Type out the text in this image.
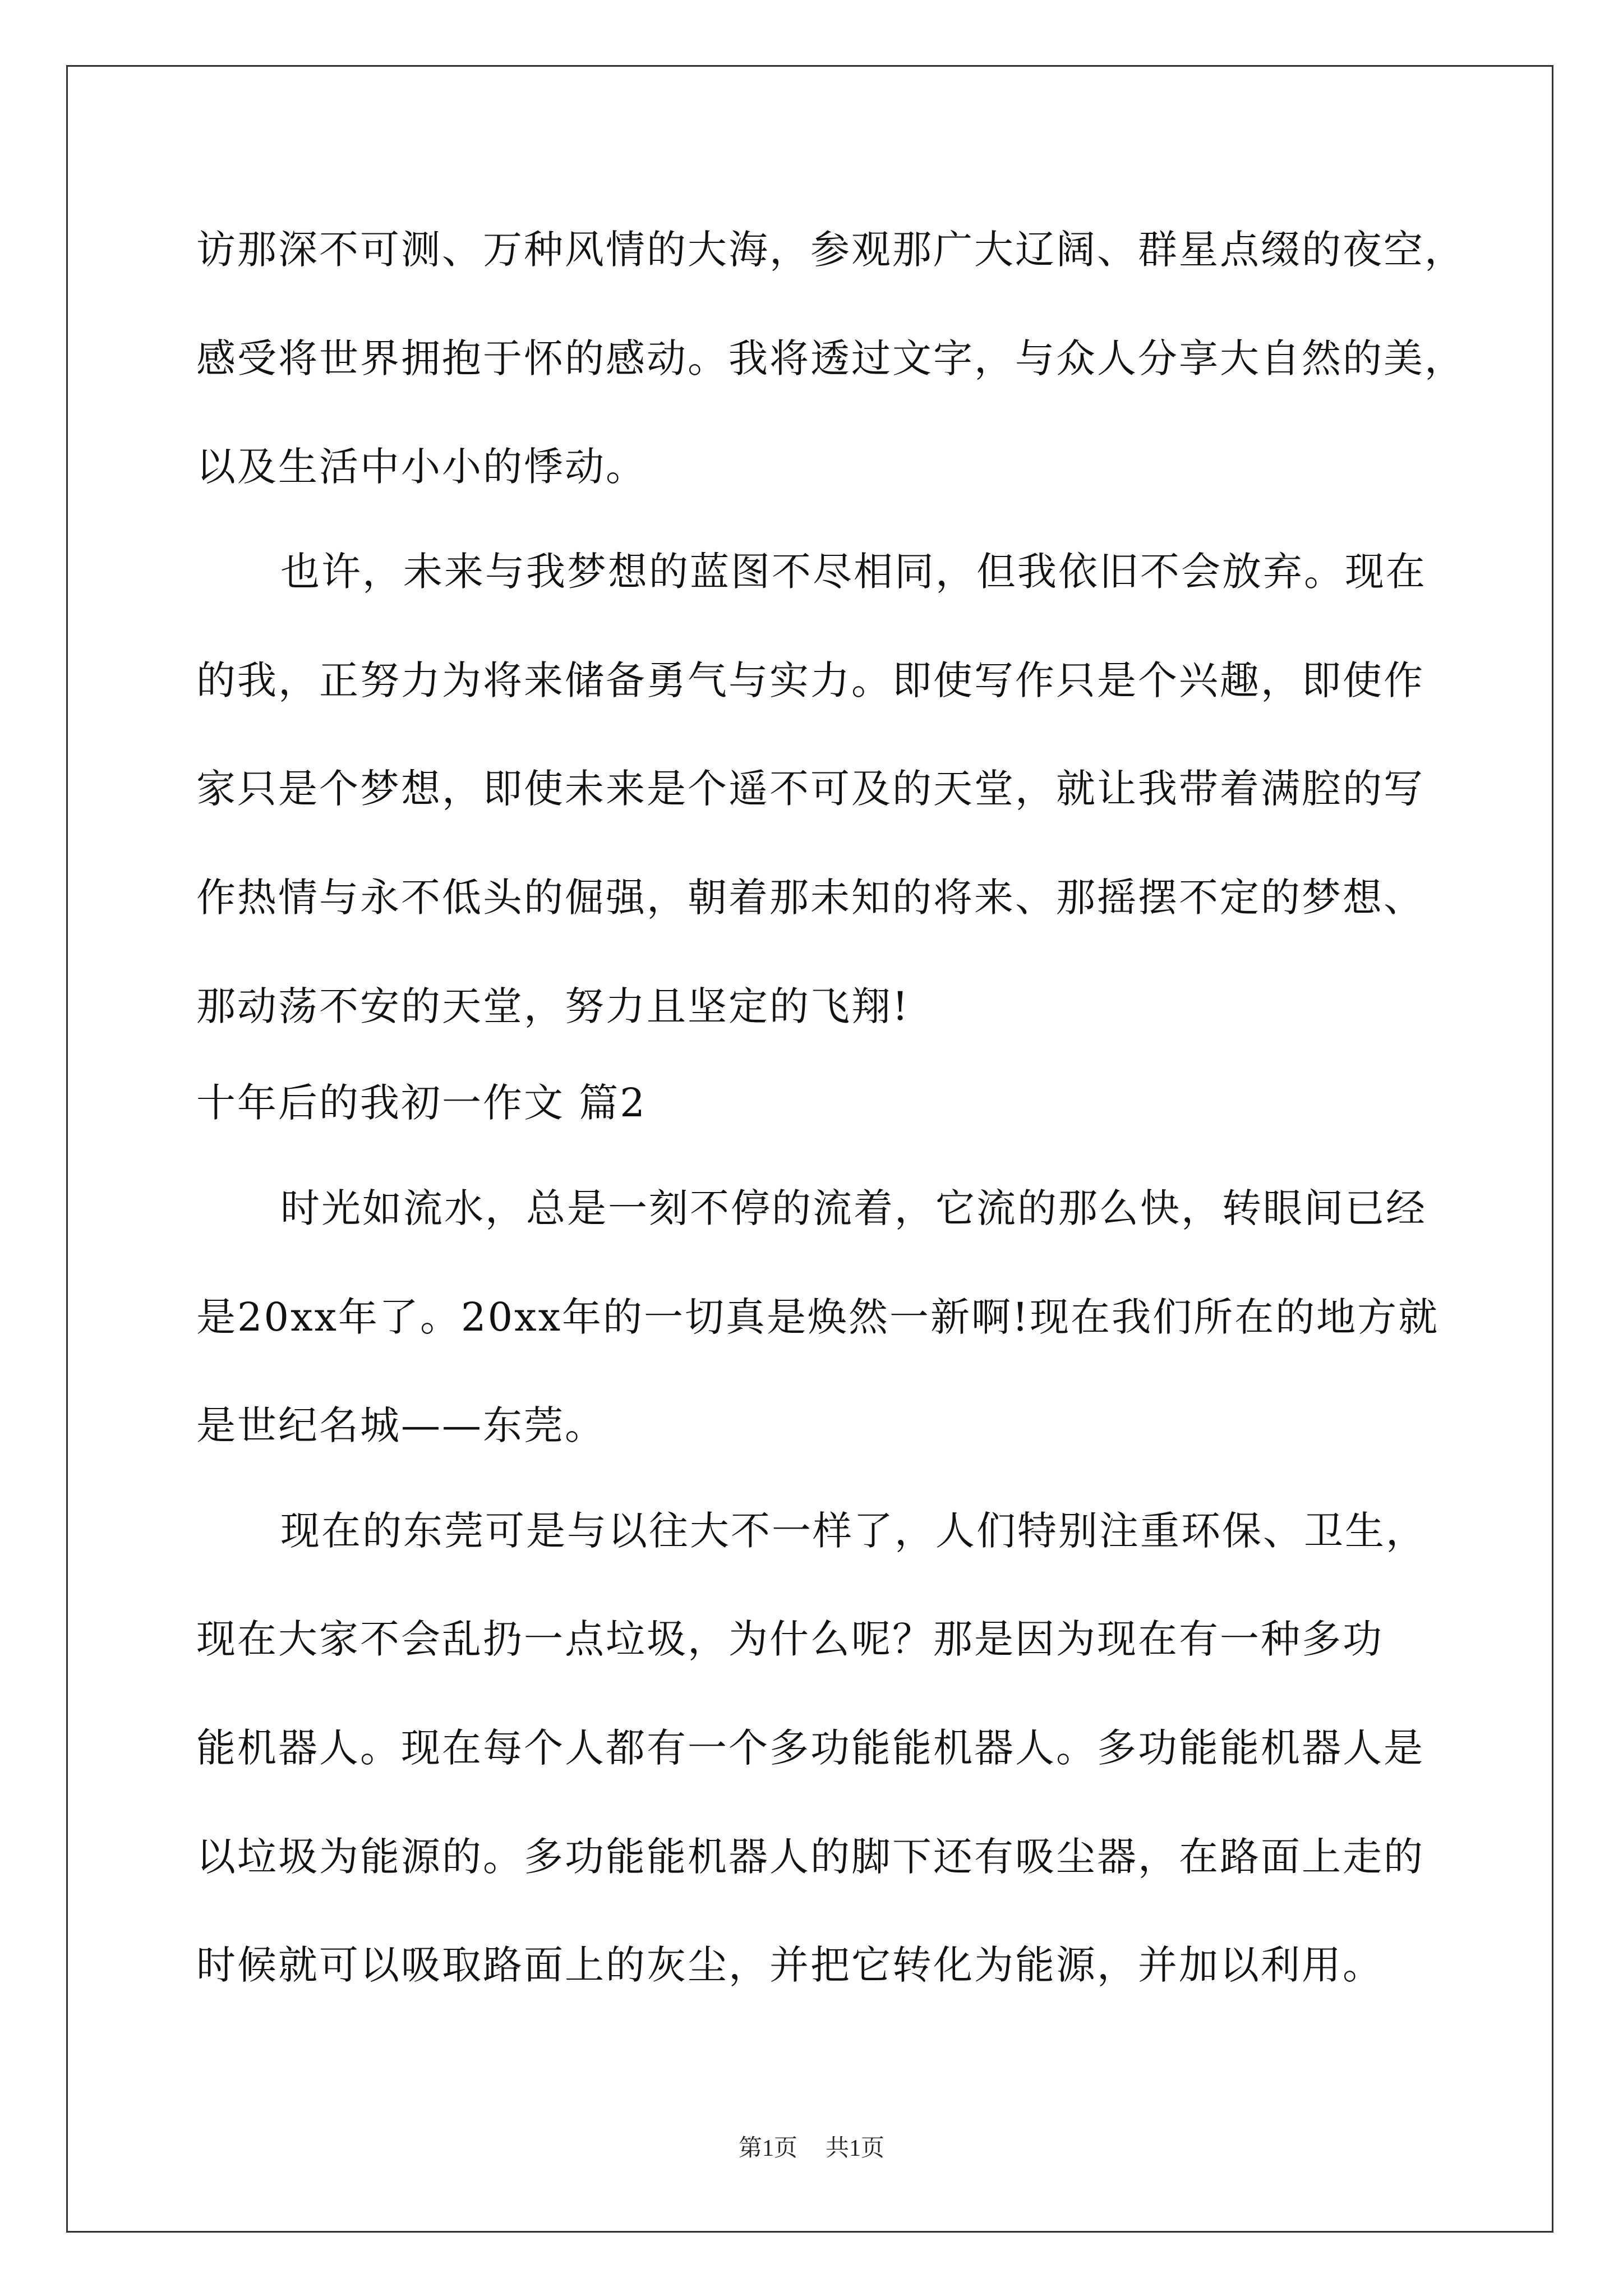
访那深不可测、万种风情的大海，参观那广大辽阔、群星点缀的夜空，
感受将世界拥抱于怀的感动。我将透过文字，与众人分享大自然的美，
以及生活中小小的悸动。
也许，未来与我梦想的蓝图不尽相同，但我依旧不会放弃。现在
的我，正努力为将来储备勇气与实力。即使写作只是个兴趣，即使作
家只是个梦想，即使未来是个遥不可及的天堂，就让我带着满腔的写
作热情与永不低头的倔强，朝着那未知的将来、那摇摆不定的梦想、
那动荡不安的天堂，努力且坚定的飞翔!
十年后的我初一作文 篇2
时光如流水，总是一刻不停的流着，它流的那么快，转眼间已经
是20xx年了。20xx年的一切真是焕然一新啊!现在我们所在的地方就
是世纪名城——东莞。
现在的东莞可是与以往大不一样了，人们特别注重环保、卫生，
现在大家不会乱扔一点垃圾，为什么呢？那是因为现在有一种多功
能机器人。现在每个人都有一个多功能能机器人。多功能能机器人是
以垃圾为能源的。多功能能机器人的脚下还有吸尘器，在路面上走的
时候就可以吸取路面上的灰尘，并把它转化为能源，并加以利用。
第1页 共1页
